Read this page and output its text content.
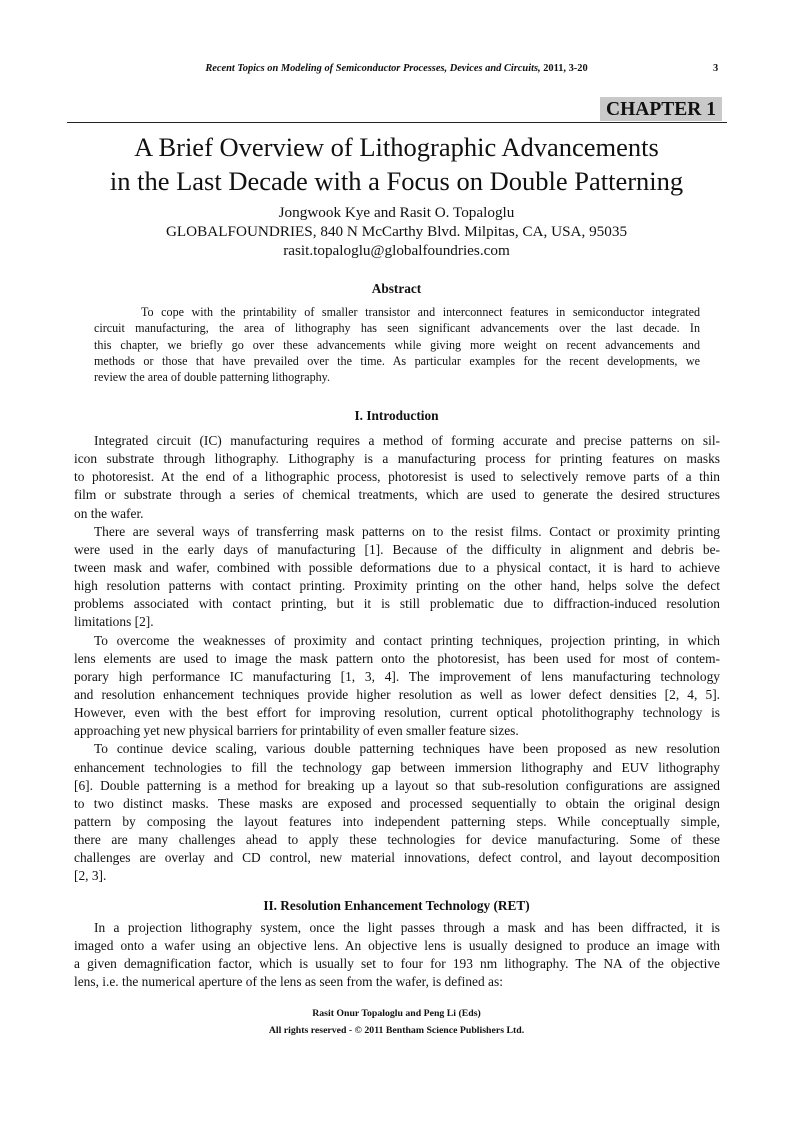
Recent Topics on Modeling of Semiconductor Processes, Devices and Circuits, 2011, 3-20	3
CHAPTER 1
A Brief Overview of Lithographic Advancements
in the Last Decade with a Focus on Double Patterning
Jongwook Kye and Rasit O. Topaloglu
GLOBALFOUNDRIES, 840 N McCarthy Blvd. Milpitas, CA, USA, 95035
rasit.topaloglu@globalfoundries.com
Abstract
To cope with the printability of smaller transistor and interconnect features in semiconductor integrated
circuit manufacturing, the area of lithography has seen significant advancements over the last decade. In
this chapter, we briefly go over these advancements while giving more weight on recent advancements and
methods or those that have prevailed over the time. As particular examples for the recent developments, we
review the area of double patterning lithography.
I. Introduction
Integrated circuit (IC) manufacturing requires a method of forming accurate and precise patterns on sil-
icon substrate through lithography. Lithography is a manufacturing process for printing features on masks
to photoresist. At the end of a lithographic process, photoresist is used to selectively remove parts of a thin
film or substrate through a series of chemical treatments, which are used to generate the desired structures
on the wafer.
There are several ways of transferring mask patterns on to the resist films. Contact or proximity printing
were used in the early days of manufacturing [1]. Because of the difficulty in alignment and debris be-
tween mask and wafer, combined with possible deformations due to a physical contact, it is hard to achieve
high resolution patterns with contact printing. Proximity printing on the other hand, helps solve the defect
problems associated with contact printing, but it is still problematic due to diffraction-induced resolution
limitations [2].
To overcome the weaknesses of proximity and contact printing techniques, projection printing, in which
lens elements are used to image the mask pattern onto the photoresist, has been used for most of contem-
porary high performance IC manufacturing [1, 3, 4]. The improvement of lens manufacturing technology
and resolution enhancement techniques provide higher resolution as well as lower defect densities [2, 4, 5].
However, even with the best effort for improving resolution, current optical photolithography technology is
approaching yet new physical barriers for printability of even smaller feature sizes.
To continue device scaling, various double patterning techniques have been proposed as new resolution
enhancement technologies to fill the technology gap between immersion lithography and EUV lithography
[6]. Double patterning is a method for breaking up a layout so that sub-resolution configurations are assigned
to two distinct masks. These masks are exposed and processed sequentially to obtain the original design
pattern by composing the layout features into independent patterning steps. While conceptually simple,
there are many challenges ahead to apply these technologies for device manufacturing. Some of these
challenges are overlay and CD control, new material innovations, defect control, and layout decomposition
[2, 3].
II. Resolution Enhancement Technology (RET)
In a projection lithography system, once the light passes through a mask and has been diffracted, it is
imaged onto a wafer using an objective lens. An objective lens is usually designed to produce an image with
a given demagnification factor, which is usually set to four for 193 nm lithography. The NA of the objective
lens, i.e. the numerical aperture of the lens as seen from the wafer, is defined as:
Rasit Onur Topaloglu and Peng Li (Eds)
All rights reserved - © 2011 Bentham Science Publishers Ltd.
